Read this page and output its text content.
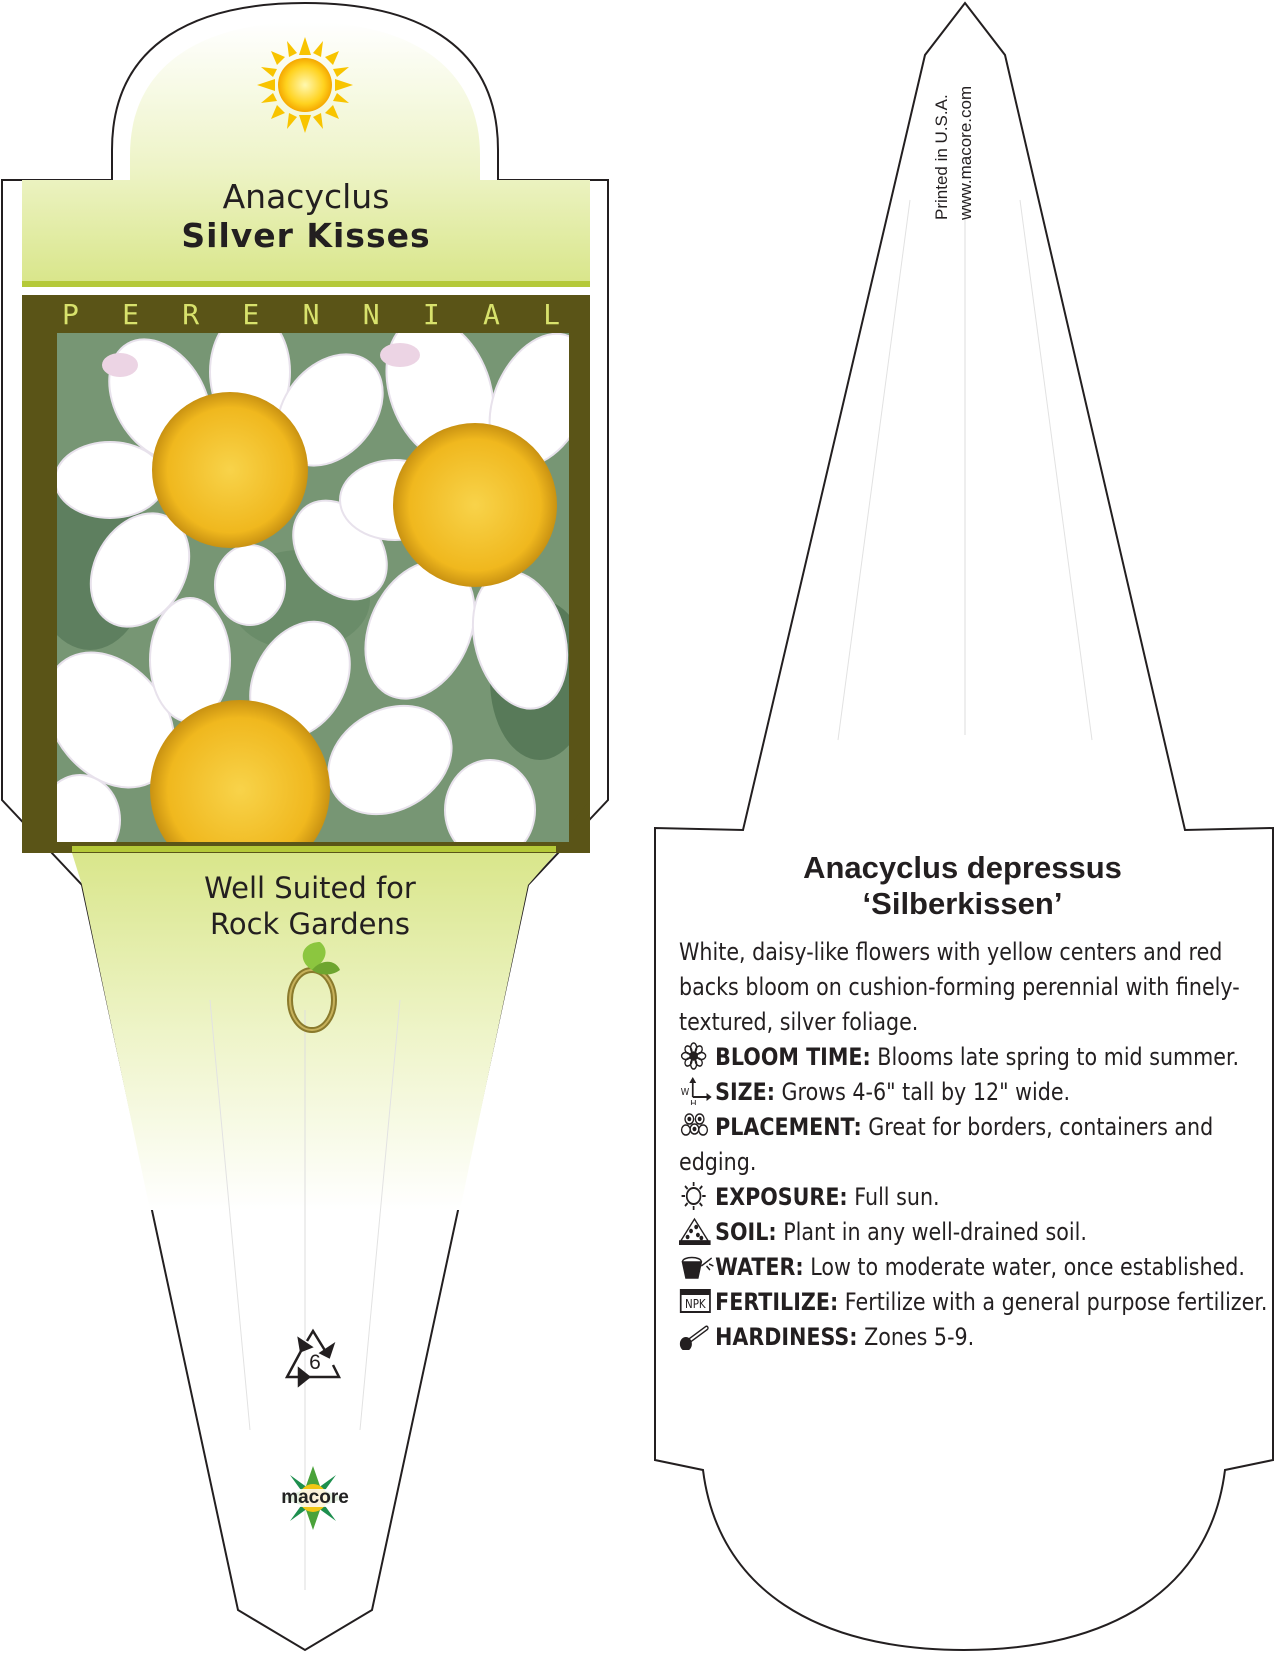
Anacyclus
Silver Kisses
P E R E N N I A L
Well Suited for
Rock Gardens
6
macore
Printed in U.S.A. www.macore.com
Anacyclus depressus
‘Silberkissen’
White, daisy-like flowers with yellow centers and red backs bloom on cushion-forming perennial with finely-textured, silver foliage.
BLOOM TIME: Blooms late spring to mid summer.
W
H SIZE: Grows 4-6" tall by 12" wide.
PLACEMENT: Great for borders, containers and edging.
EXPOSURE: Full sun.
SOIL: Plant in any well-drained soil.
WATER: Low to moderate water, once established.
NPK FERTILIZE: Fertilize with a general purpose fertilizer.
HARDINESS: Zones 5-9.
